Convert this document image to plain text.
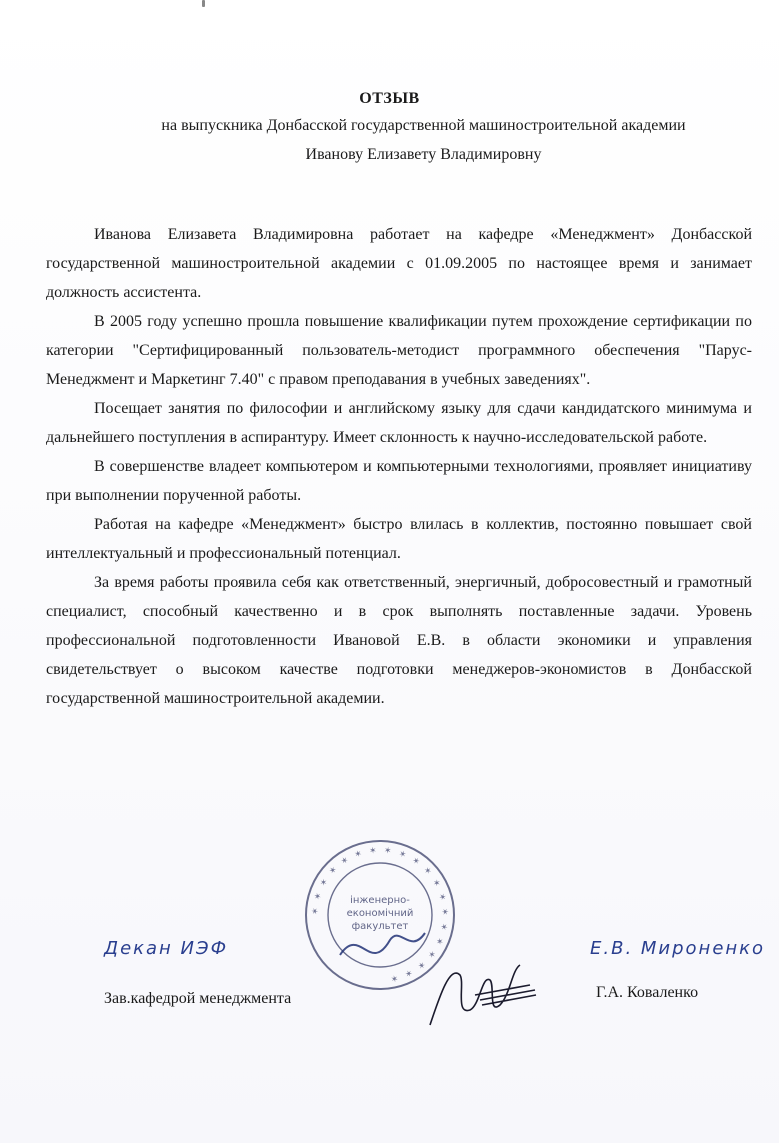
ОТЗЫВ
на выпускника Донбасской государственной машиностроительной академии
Иванову Елизавету Владимировну

Иванова Елизавета Владимировна работает на кафедре «Менеджмент» Донбасской государственной машиностроительной академии с 01.09.2005 по настоящее время и занимает должность ассистента.

В 2005 году успешно прошла повышение квалификации путем прохождение сертификации по категории "Сертифицированный пользователь-методист программного обеспечения "Парус-Менеджмент и Маркетинг 7.40" с правом преподавания в учебных заведениях".

Посещает занятия по философии и английскому языку для сдачи кандидатского минимума и дальнейшего поступления в аспирантуру. Имеет склонность к научно-исследовательской работе.

В совершенстве владеет компьютером и компьютерными технологиями, проявляет инициативу при выполнении порученной работы.

Работая на кафедре «Менеджмент» быстро влилась в коллектив, постоянно повышает свой интеллектуальный и профессиональный потенциал.

За время работы проявила себя как ответственный, энергичный, добросовестный и грамотный специалист, способный качественно и в срок выполнять поставленные задачи. Уровень профессиональной подготовленности Ивановой Е.В. в области экономики и управления свидетельствует о высоком качестве подготовки менеджеров-экономистов в Донбасской государственной машиностроительной академии.

✶ ✶ ✶ ✶ ✶ ✶ ✶ ✶ ✶ ✶ ✶ ✶ ✶ ✶ ✶ ✶ ✶ ✶ ✶ ✶
інженерно-
економічний
факультет
Декан ИЭФ	Е.В. Мироненко
Зав.кафедрой менеджмента	Г.А. Коваленко
